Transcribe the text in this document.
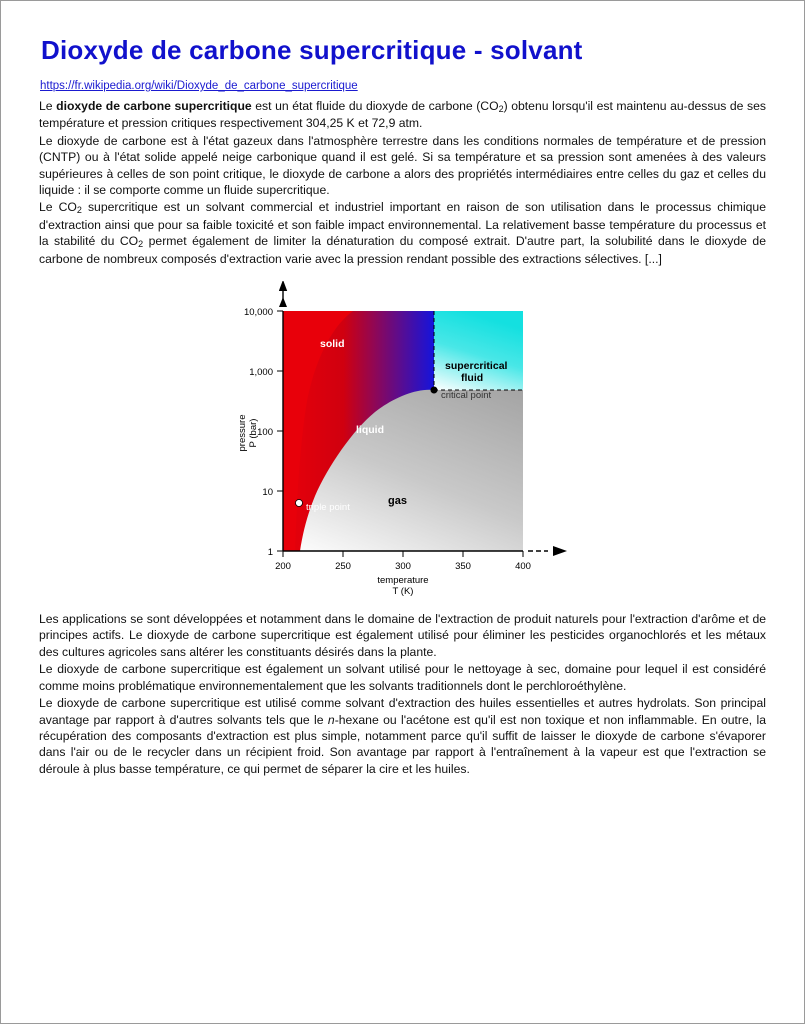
Dioxyde de carbone supercritique - solvant
https://fr.wikipedia.org/wiki/Dioxyde_de_carbone_supercritique

Le dioxyde de carbone supercritique est un état fluide du dioxyde de carbone $(CO_2)$ obtenu lorsqu'il est maintenu au-dessus de ses température et pression critiques respectivement 304,25 K et 72,9 atm.

Le dioxyde de carbone est à l'état gazeux dans l'atmosphère terrestre dans les conditions normales de température et de pression (CNTP) ou à l'état solide appelé neige carbonique quand il est gelé. Si sa température et sa pression sont amenées à des valeurs supérieures à celles de son point critique, le dioxyde de carbone a alors des propriétés intermédiaires entre celles du gaz et celles du liquide : il se comporte comme un fluide supercritique.

Le $CO_2$ supercritique est un solvant commercial et industriel important en raison de son utilisation dans le processus chimique d'extraction ainsi que pour sa faible toxicité et son faible impact environnemental. La relativement basse température du processus et la stabilité du $CO_2$ permet également de limiter la dénaturation du composé extrait. D'autre part, la solubilité dans le dioxyde de carbone de nombreux composés d'extraction varie avec la pression rendant possible des extractions sélectives. [...]

10,000
1,000
100
10
1
200	250	300	350	400
temperature
T (K)
pressure P (bar)
solid
liquid
gas
supercritical
fluid
triple point
critical point

Les applications se sont développées et notamment dans le domaine de l'extraction de produit naturels pour l'extraction d'arôme et de principes actifs. Le dioxyde de carbone supercritique est également utilisé pour éliminer les pesticides organochlorés et les métaux des cultures agricoles sans altérer les constituants désirés dans la plante.

Le dioxyde de carbone supercritique est également un solvant utilisé pour le nettoyage à sec, domaine pour lequel il est considéré comme moins problématique environnementalement que les solvants traditionnels dont le perchloroéthylène.

Le dioxyde de carbone supercritique est utilisé comme solvant d'extraction des huiles essentielles et autres hydrolats. Son principal avantage par rapport à d'autres solvants tels que le n-hexane ou l'acétone est qu'il est non toxique et non inflammable. En outre, la récupération des composants d'extraction est plus simple, notamment parce qu'il suffit de laisser le dioxyde de carbone s'évaporer dans l'air ou de le recycler dans un récipient froid. Son avantage par rapport à l'entraînement à la vapeur est que l'extraction se déroule à plus basse température, ce qui permet de séparer la cire et les huiles.
